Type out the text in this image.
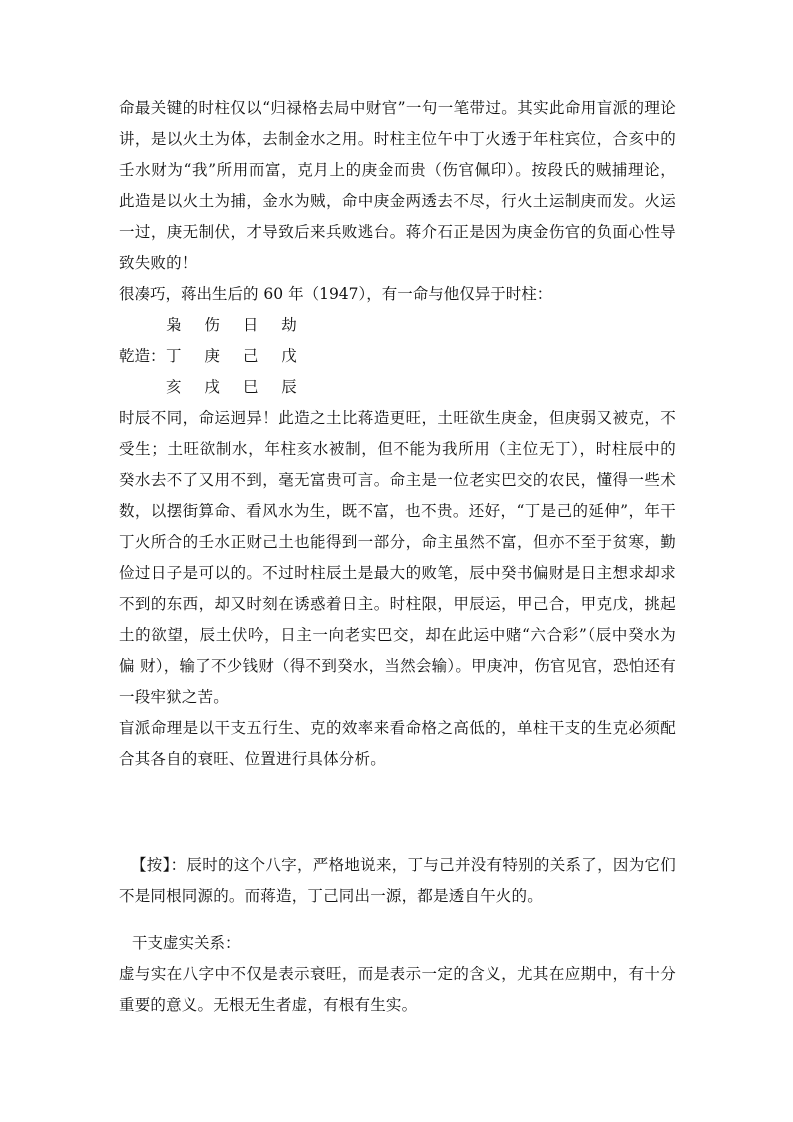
命最关键的时柱仅以“归禄格去局中财官”一句一笔带过。其实此命用盲派的理论讲，是以火土为体，去制金水之用。时柱主位午中丁火透于年柱宾位，合亥中的壬水财为“我”所用而富，克月上的庚金而贵（伤官佩印）。按段氏的贼捕理论，此造是以火土为捕，金水为贼，命中庚金两透去不尽，行火土运制庚而发。火运一过，庚无制伏，才导致后来兵败逃台。蒋介石正是因为庚金伤官的负面心性导致失败的！
很凑巧，蒋出生后的 60 年（1947），有一命与他仅异于时柱：
枭 伤 日 劫
乾造： 丁 庚 己 戊
亥 戌 巳 辰
时辰不同，命运迥异！此造之土比蒋造更旺，土旺欲生庚金，但庚弱又被克，不受生；土旺欲制水，年柱亥水被制，但不能为我所用（主位无丁），时柱辰中的癸水去不了又用不到，毫无富贵可言。命主是一位老实巴交的农民，懂得一些术数，以摆街算命、看风水为生，既不富，也不贵。还好，“丁是己的延伸”，年干丁火所合的壬水正财己土也能得到一部分，命主虽然不富，但亦不至于贫寒，勤俭过日子是可以的。不过时柱辰土是最大的败笔，辰中癸书偏财是日主想求却求不到的东西，却又时刻在诱惑着日主。时柱限，甲辰运，甲己合，甲克戊，挑起土的欲望，辰土伏吟，日主一向老实巴交，却在此运中赌“六合彩”（辰中癸水为偏 财），输了不少钱财（得不到癸水，当然会输）。甲庚冲，伤官见官，恐怕还有一段牢狱之苦。
盲派命理是以干支五行生、克的效率来看命格之高低的，单柱干支的生克必须配合其各自的衰旺、位置进行具体分析。
【按】：辰时的这个八字，严格地说来，丁与己并没有特别的关系了，因为它们不是同根同源的。而蒋造，丁己同出一源，都是透自午火的。
干支虚实关系：
虚与实在八字中不仅是表示衰旺，而是表示一定的含义，尤其在应期中，有十分重要的意义。无根无生者虚，有根有生实。
